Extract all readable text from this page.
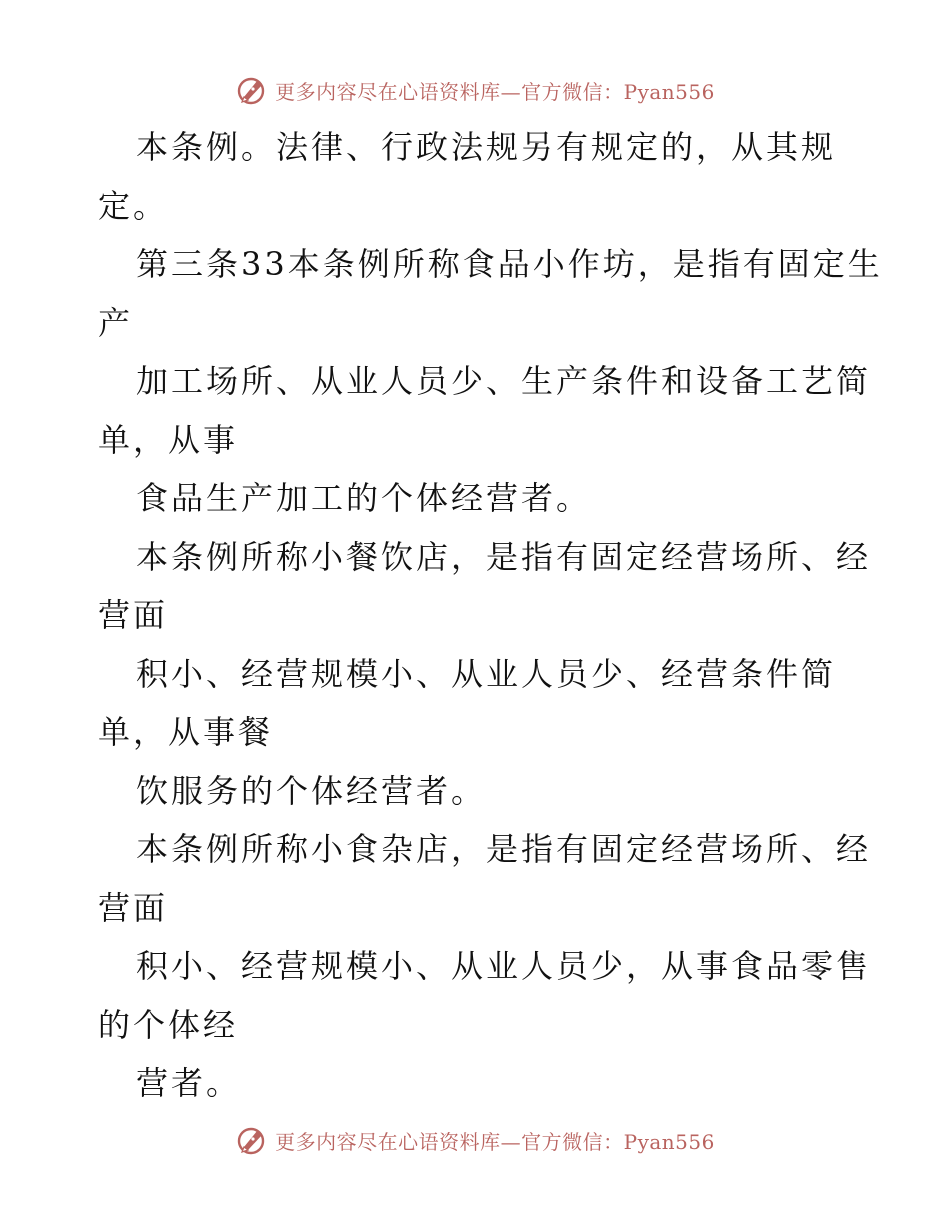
更多内容尽在心语资料库—官方微信：Pyan556
本条例。法律、行政法规另有规定的，从其规
定。
第三条33本条例所称食品小作坊，是指有固定生
产
加工场所、从业人员少、生产条件和设备工艺简
单，从事
食品生产加工的个体经营者。
本条例所称小餐饮店，是指有固定经营场所、经
营面
积小、经营规模小、从业人员少、经营条件简
单，从事餐
饮服务的个体经营者。
本条例所称小食杂店，是指有固定经营场所、经
营面
积小、经营规模小、从业人员少，从事食品零售
的个体经
营者。
更多内容尽在心语资料库—官方微信：Pyan556
